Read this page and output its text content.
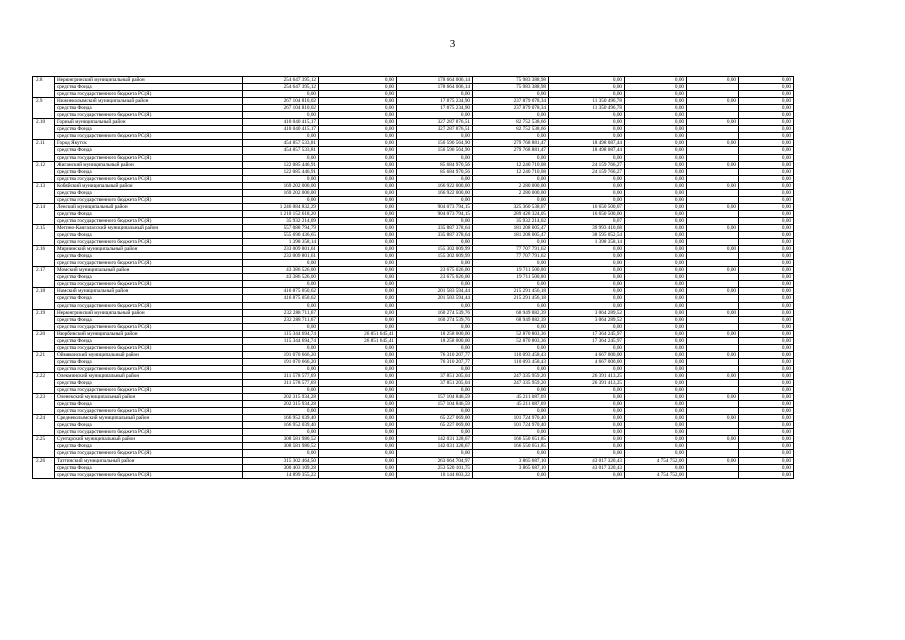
3
2.8	Нерюнгринский муниципальный район	254 647 395,12	0,00	178 664 006,14	75 983 388,98	0,00	0,00	0,00	0,00
	средства Фонда	254 647 395,12	0,00	178 664 006,14	75 983 388,98	0,00	0,00		0,00
	средства государственного бюджета РС(Я)	0,00	0,00	0,00	0,00	0,00	0,00		0,00
2.9	Нижнеколымский муниципальный район	267 104 810,02	0,00	17 875 234,90	237 879 078,34	11 350 496,78	0,00	0,00	0,00
	средства Фонда	267 104 810,02	0,00	17 875 234,90	237 879 078,34	11 350 496,78	0,00		0,00
	средства государственного бюджета РС(Я)	0,00	0,00	0,00	0,00	0,00	0,00		0,00
2.10	Горный муниципальный район	410 040 415,17	0,00	327 287 876,51	82 752 538,66	0,00	0,00	0,00	0,00
	средства Фонда	410 040 415,17	0,00	327 287 876,51	82 752 538,66	0,00	0,00		0,00
	средства государственного бюджета РС(Я)	0,00	0,00	0,00	0,00	0,00	0,00		0,00
2.11	Город Якутск	454 857 533,81	0,00	156 590 564,90	279 768 881,47	18 498 087,44	0,00	0,00	0,00
	средства Фонда	454 857 533,81	0,00	156 590 564,90	279 768 881,47	18 498 087,44	0,00		0,00
	средства государственного бюджета РС(Я)	0,00	0,00	0,00	0,00	0,00	0,00		0,00
2.12	Жиганский муниципальный район	122 085 446,91	0,00	85 684 970,56	12 240 710,08	24 159 766,27	0,00	0,00	0,00
	средства Фонда	122 085 446,91	0,00	85 684 970,56	12 240 710,08	24 159 766,27	0,00		0,00
	средства государственного бюджета РС(Я)	0,00	0,00	0,00	0,00	0,00	0,00		0,00
2.13	Кобяйский муниципальный район	169 202 000,00	0,00	166 922 000,00	2 280 000,00	0,00	0,00	0,00	0,00
	средства Фонда	169 202 000,00	0,00	166 922 000,00	2 280 000,00	0,00	0,00		0,00
	средства государственного бюджета РС(Я)	0,00	0,00	0,00	0,00	0,00	0,00		0,00
2.14	Ленский муниципальный район	1 246 084 832,29	0,00	904 073 794,15	325 360 538,07	16 650 500,07	0,00	0,00	0,00
	средства Фонда	1 210 152 618,20	0,00	904 073 794,15	289 428 324,05	16 650 500,00	0,00		0,00
	средства государственного бюджета РС(Я)	35 932 214,09	0,00	0,00	35 932 214,02	0,07	0,00		0,00
2.15	Мегино-Кангаласский муниципальный район	557 088 794,79	0,00	335 887 378,64	181 208 005,47	39 993 410,68	0,00	0,00	0,00
	средства Фонда	555 690 436,65	0,00	335 887 378,64	181 208 005,47	38 595 052,54	0,00		0,00
	средства государственного бюджета РС(Я)	1 398 358,14	0,00	0,00	0,00	1 398 358,14	0,00		0,00
2.16	Мирнинский муниципальный район	233 009 801,61	0,00	155 302 009,99	77 707 791,62	0,00	0,00	0,00	0,00
	средства Фонда	233 009 801,61	0,00	155 302 009,99	77 707 791,62	0,00	0,00		0,00
	средства государственного бюджета РС(Я)	0,00	0,00	0,00	0,00	0,00	0,00		0,00
2.17	Момский муниципальный район	43 386 526,00	0,00	23 675 026,00	19 711 500,00	0,00	0,00	0,00	0,00
	средства Фонда	43 386 526,00	0,00	23 675 026,00	19 711 500,00	0,00	0,00		0,00
	средства государственного бюджета РС(Я)	0,00	0,00	0,00	0,00	0,00	0,00		0,00
2.18	Намский муниципальный район	416 875 050,62	0,00	201 583 594,44	215 291 456,18	0,00	0,00	0,00	0,00
	средства Фонда	416 875 050,62	0,00	201 583 594,44	215 291 456,18	0,00	0,00		0,00
	средства государственного бюджета РС(Я)	0,00	0,00	0,00	0,00	0,00	0,00		0,00
2.19	Нерюнгринский муниципальный район	232 288 711,67	0,00	160 274 539,76	68 949 882,39	3 064 289,52	0,00	0,00	0,00
	средства Фонда	232 288 711,67	0,00	160 274 539,76	68 949 882,39	3 064 289,52	0,00		0,00
	средства государственного бюджета РС(Я)	0,00	0,00	0,00	0,00	0,00	0,00		0,00
2.20	Нюрбинский муниципальный район	115 344 694,74	26 851 645,41	18 258 000,00	52 870 803,36	17 364 245,97	0,00	0,00	0,00
	средства Фонда	115 344 694,74	26 851 645,41	18 258 000,00	52 870 803,36	17 364 245,97	0,00		0,00
	средства государственного бюджета РС(Я)	0,00	0,00	0,00	0,00	0,00	0,00		0,00
2.21	Оймяконский муниципальный район	191 070 666,20	0,00	76 310 207,77	110 093 458,43	4 667 000,00	0,00	0,00	0,00
	средства Фонда	191 070 666,20	0,00	76 310 207,77	110 093 458,43	4 667 000,00	0,00		0,00
	средства государственного бюджета РС(Я)	0,00	0,00	0,00	0,00	0,00	0,00		0,00
2.22	Олекминский муниципальный район	311 578 577,69	0,00	37 851 205,04	247 335 959,20	26 391 413,25	0,00	0,00	0,00
	средства Фонда	311 578 577,69	0,00	37 851 205,04	247 335 959,20	26 391 413,25	0,00		0,00
	средства государственного бюджета РС(Я)	0,00	0,00	0,00	0,00	0,00	0,00		0,00
2.23	Оленекский муниципальный район	202 315 934,28	0,00	157 104 846,59	45 211 087,69	0,00	0,00	0,00	0,00
	средства Фонда	202 315 934,28	0,00	157 104 846,59	45 211 087,69	0,00	0,00		0,00
	средства государственного бюджета РС(Я)	0,00	0,00	0,00	0,00	0,00	0,00		0,00
2.24	Среднеколымский муниципальный район	166 952 039,40	0,00	65 227 069,00	101 724 970,40	0,00	0,00	0,00	0,00
	средства Фонда	166 952 039,40	0,00	65 227 069,00	101 724 970,40	0,00	0,00		0,00
	средства государственного бюджета РС(Я)	0,00	0,00	0,00	0,00	0,00	0,00		0,00
2.25	Сунтарский муниципальный район	308 581 980,52	0,00	142 031 328,67	166 550 651,85	0,00	0,00	0,00	0,00
	средства Фонда	308 581 980,52	0,00	142 031 328,67	166 550 651,85	0,00	0,00		0,00
	средства государственного бюджета РС(Я)	0,00	0,00	0,00	0,00	0,00	0,00		0,00
2.26	Таттинский муниципальный район	315 302 464,50	0,00	263 664 704,97	3 865 687,10	43 017 320,43	4 754 752,00	0,00	0,00
	средства Фонда	300 403 109,28	0,00	253 520 101,75	3 865 687,10	43 017 320,43	0,00		0,00
	средства государственного бюджета РС(Я)	14 899 355,22	0,00	10 144 603,22	0,00	0,00	4 754 752,00		0,00
